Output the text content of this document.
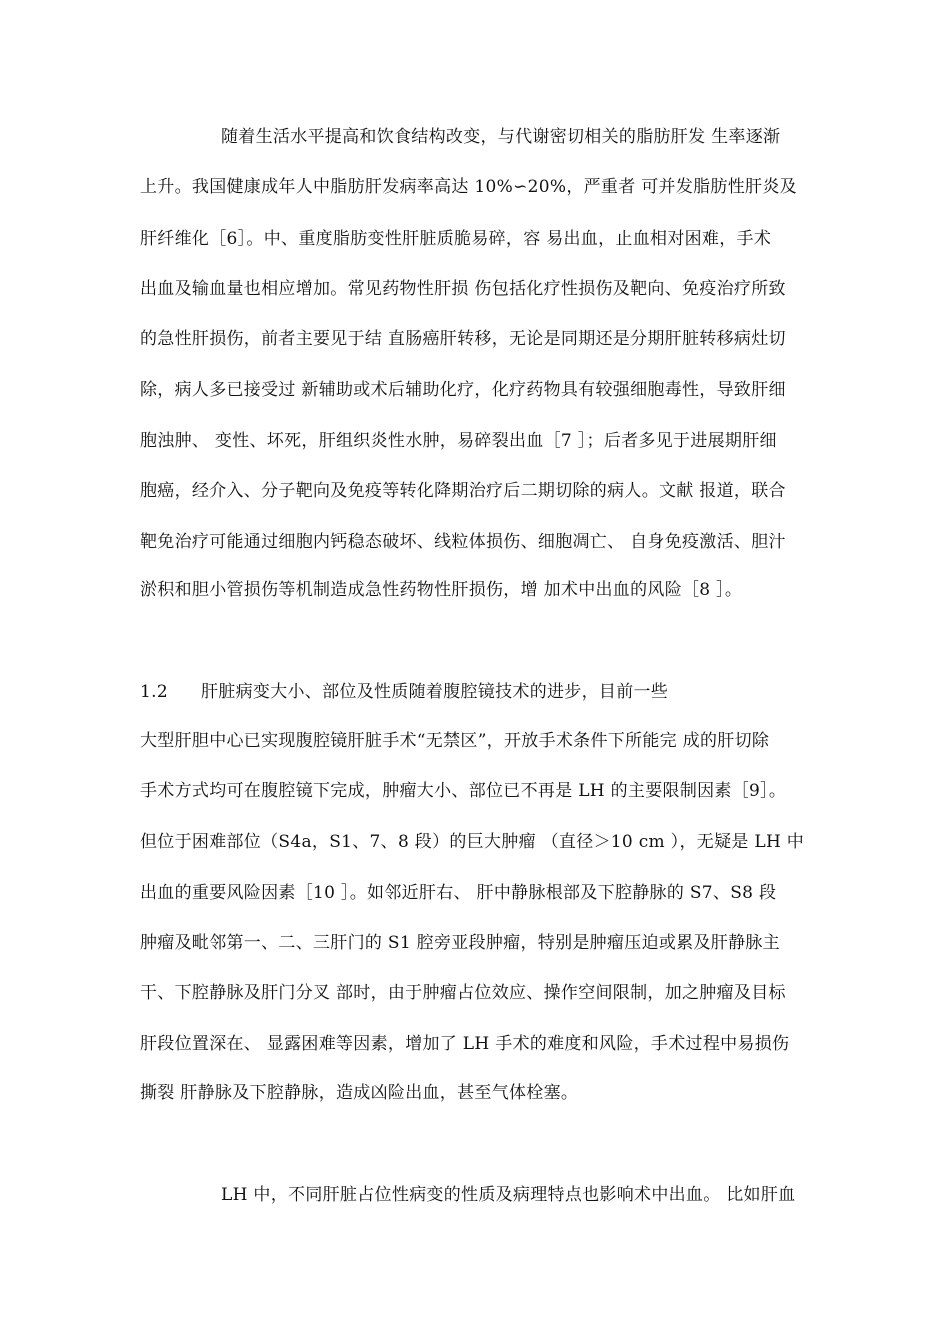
随着生活水平提高和饮食结构改变，与代谢密切相关的脂肪肝发 生率逐渐
上升。我国健康成年人中脂肪肝发病率高达 10%∽20%，严重者 可并发脂肪性肝炎及
肝纤维化［6］。中、重度脂肪变性肝脏质脆易碎，容 易出血，止血相对困难，手术
出血及输血量也相应增加。常见药物性肝损 伤包括化疗性损伤及靶向、免疫治疗所致
的急性肝损伤，前者主要见于结 直肠癌肝转移，无论是同期还是分期肝脏转移病灶切
除，病人多已接受过 新辅助或术后辅助化疗，化疗药物具有较强细胞毒性，导致肝细
胞浊肿、 变性、坏死，肝组织炎性水肿，易碎裂出血［7 ］；后者多见于进展期肝细
胞癌，经介入、分子靶向及免疫等转化降期治疗后二期切除的病人。文献 报道，联合
靶免治疗可能通过细胞内钙稳态破坏、线粒体损伤、细胞凋亡、 自身免疫激活、胆汁
淤积和胆小管损伤等机制造成急性药物性肝损伤，增 加术中出血的风险［8 ］。
1.2 肝脏病变大小、部位及性质随着腹腔镜技术的进步，目前一些
大型肝胆中心已实现腹腔镜肝脏手术“无禁区”，开放手术条件下所能完 成的肝切除
手术方式均可在腹腔镜下完成，肿瘤大小、部位已不再是 LH 的主要限制因素［9］。
但位于困难部位（S4a，S1、7、8 段）的巨大肿瘤 （直径＞10 cm ），无疑是 LH 中
出血的重要风险因素［10 ］。如邻近肝右、 肝中静脉根部及下腔静脉的 S7、S8 段
肿瘤及毗邻第一、二、三肝门的 S1 腔旁亚段肿瘤，特别是肿瘤压迫或累及肝静脉主
干、下腔静脉及肝门分叉 部时，由于肿瘤占位效应、操作空间限制，加之肿瘤及目标
肝段位置深在、 显露困难等因素，增加了 LH 手术的难度和风险，手术过程中易损伤
撕裂 肝静脉及下腔静脉，造成凶险出血，甚至气体栓塞。
LH 中，不同肝脏占位性病变的性质及病理特点也影响术中出血。 比如肝血
